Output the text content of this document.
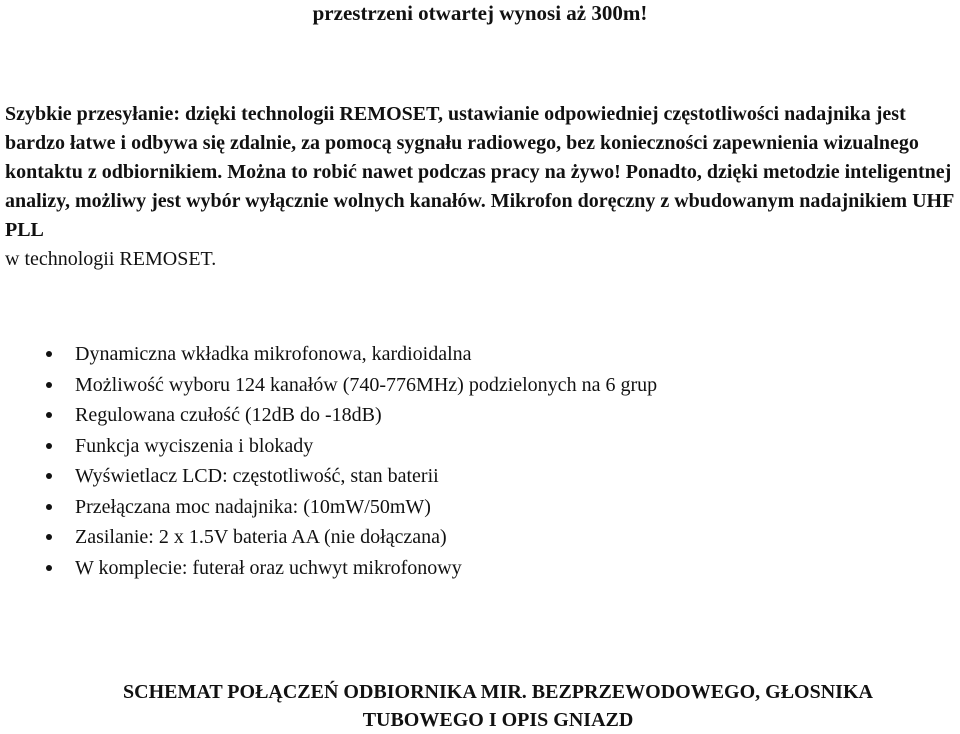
przestrzeni otwartej wynosi aż 300m!

Szybkie przesyłanie: dzięki technologii REMOSET, ustawianie odpowiedniej częstotliwości nadajnika jest bardzo łatwe i odbywa się zdalnie, za pomocą sygnału radiowego, bez konieczności zapewnienia wizualnego kontaktu z odbiornikiem. Można to robić nawet podczas pracy na żywo! Ponadto, dzięki metodzie inteligentnej analizy, możliwy jest wybór wyłącznie wolnych kanałów. Mikrofon doręczny z wbudowanym nadajnikiem UHF PLL
w technologii REMOSET.

Dynamiczna wkładka mikrofonowa, kardioidalna
Możliwość wyboru 124 kanałów (740-776MHz) podzielonych na 6 grup
Regulowana czułość (12dB do -18dB)
Funkcja wyciszenia i blokady
Wyświetlacz LCD: częstotliwość, stan baterii
Przełączana moc nadajnika: (10mW/50mW)
Zasilanie: 2 x 1.5V bateria AA (nie dołączana)
W komplecie: futerał oraz uchwyt mikrofonowy
SCHEMAT POŁĄCZEŃ ODBIORNIKA MIR. BEZPRZEWODOWEGO, GŁOSNIKA
TUBOWEGO I OPIS GNIAZD
